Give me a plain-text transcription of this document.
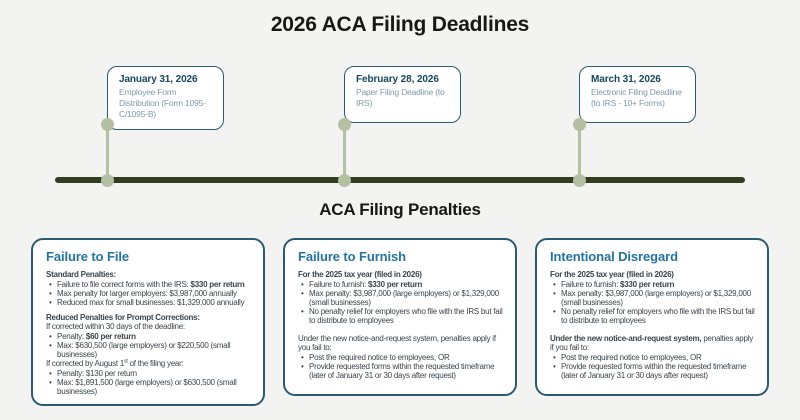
2026 ACA Filing Deadlines
January 31, 2026
Employee Form Distribution (Form 1095-C/1095-B)
February 28, 2026
Paper Filing Deadline (to IRS)
March 31, 2026
Electronic Filing Deadline (to IRS - 10+ Forms)
ACA Filing Penalties
Failure to File

Standard Penalties:

• Failure to file correct forms with the IRS: $330 per return
• Max penalty for larger employers: $3,987,000 annually
• Reduced max for small businesses: $1,329,000 annually

Reduced Penalties for Prompt Corrections:

If corrected within 30 days of the deadline:

• Penalty: $60 per return
• Max: $630,500 (large employers) or $220,500 (small businesses)

If corrected by August 1st of the filing year:

• Penalty: $130 per return
• Max: $1,891,500 (large employers) or $630,500 (small businesses)
Failure to Furnish

For the 2025 tax year (filed in 2026)

• Failure to furnish: $330 per return
• Max penalty: $3,987,000 (large employers) or $1,329,000 (small businesses)
• No penalty relief for employers who file with the IRS but fail to distribute to employees

Under the new notice-and-request system, penalties apply if you fail to:

• Post the required notice to employees, OR
• Provide requested forms within the requested timeframe (later of January 31 or 30 days after request)
Intentional Disregard

For the 2025 tax year (filed in 2026)

• Failure to furnish: $330 per return
• Max penalty: $3,987,000 (large employers) or $1,329,000 (small businesses)
• No penalty relief for employers who file with the IRS but fail to distribute to employees

Under the new notice-and-request system, penalties apply if you fail to:

• Post the required notice to employees, OR
• Provide requested forms within the requested timeframe (later of January 31 or 30 days after request)
